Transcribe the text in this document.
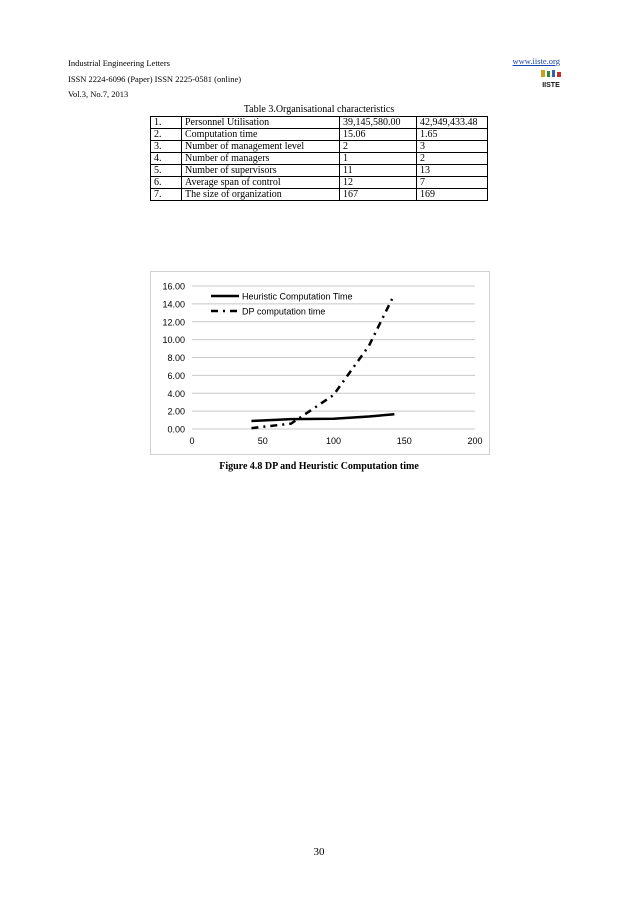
Industrial Engineering Letters
ISSN 2224-6096 (Paper) ISSN 2225-0581 (online)
Vol.3, No.7, 2013
www.iiste.org
IISTE
Table 3.Organisational characteristics
1.	Personnel Utilisation	39,145,580.00	42,949,433.48
2.	Computation time	15.06	1.65
3.	Number of management level	2	3
4.	Number of managers	1	2
5.	Number of supervisors	11	13
6.	Average span of control	12	7
7.	The size of organization	167	169
0.00
2.00
4.00
6.00
8.00
10.00
12.00
14.00
16.00
0	50	100	150	200
Heuristic Computation Time
DP computation time
Figure 4.8 DP and Heuristic Computation time
30
